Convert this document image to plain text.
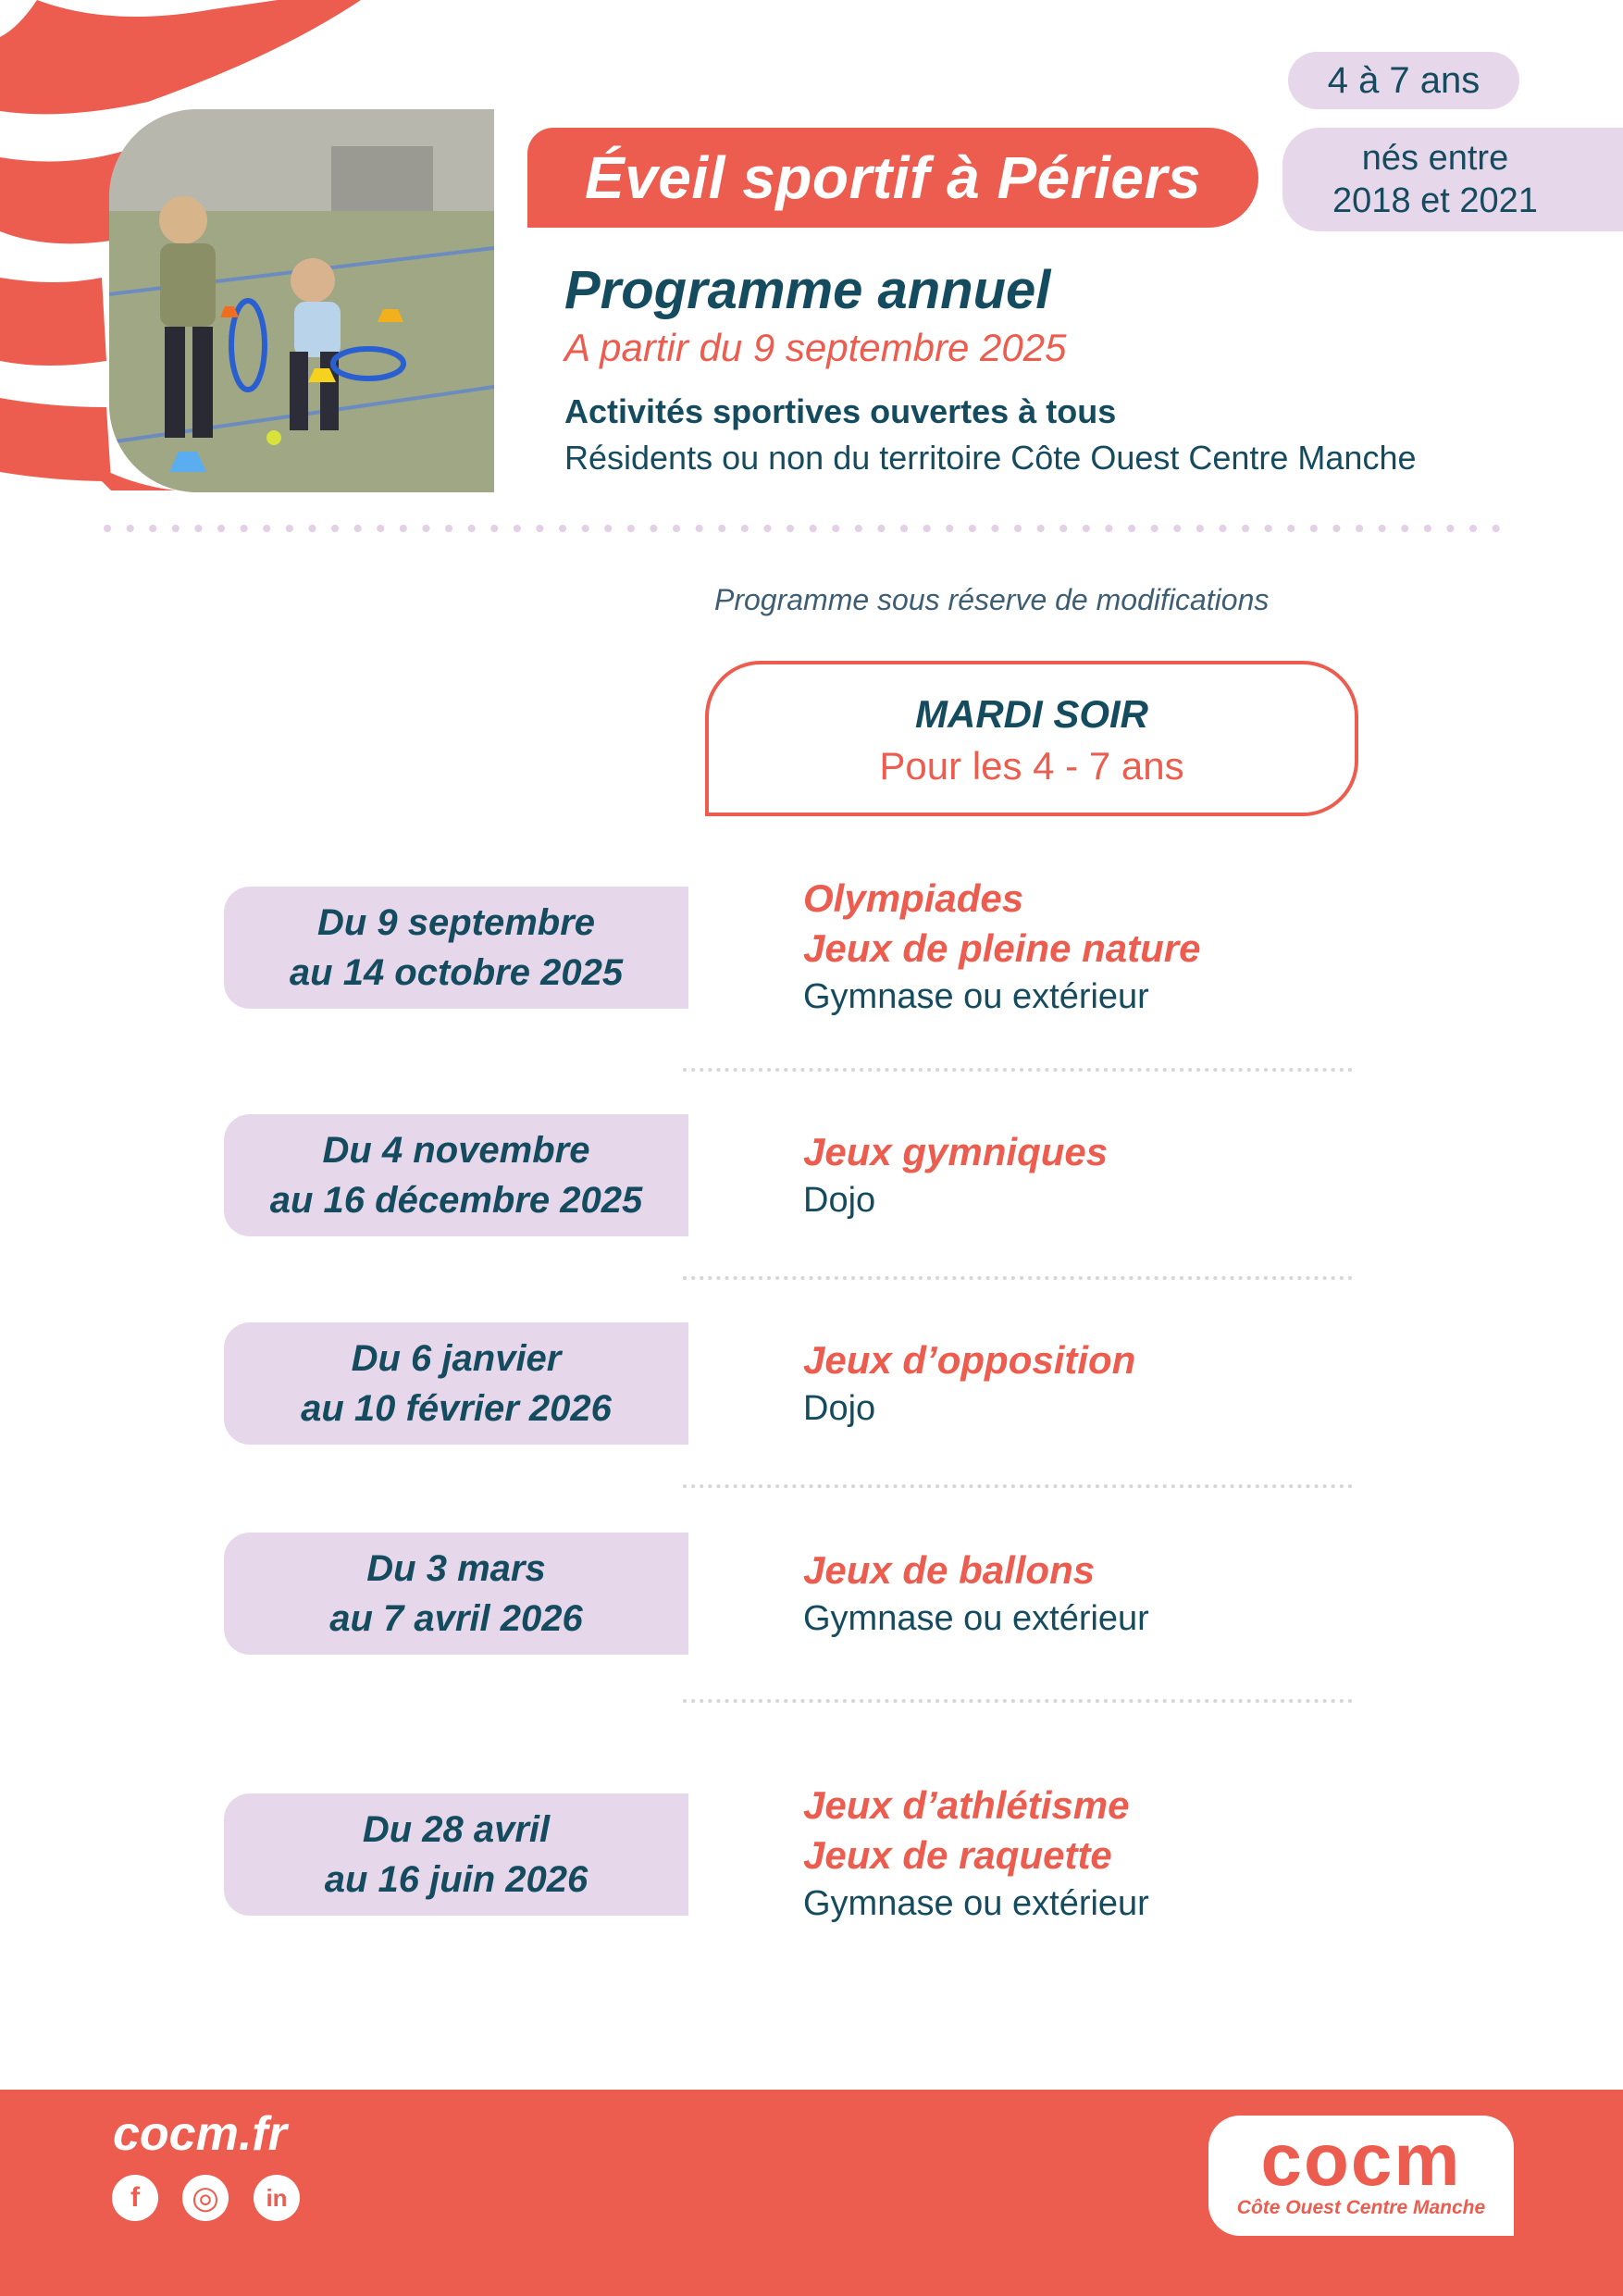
4 à 7 ans
Éveil sportif à Périers	nés entre
2018 et 2021
Programme annuel
A partir du 9 septembre 2025
Activités sportives ouvertes à tous
Résidents ou non du territoire Côte Ouest Centre Manche
Programme sous réserve de modifications
MARDI SOIR
Pour les 4 - 7 ans
Du 9 septembre
au 14 octobre 2025
Olympiades
Jeux de pleine nature
Gymnase ou extérieur
Du 4 novembre
au 16 décembre 2025
Jeux gymniques
Dojo
Du 6 janvier
au 10 février 2026
Jeux d’opposition
Dojo
Du 3 mars
au 7 avril 2026
Jeux de ballons
Gymnase ou extérieur
Du 28 avril
au 16 juin 2026
Jeux d’athlétisme
Jeux de raquette
Gymnase ou extérieur
cocm.fr
f	◎	in	cocm
Côte Ouest Centre Manche
